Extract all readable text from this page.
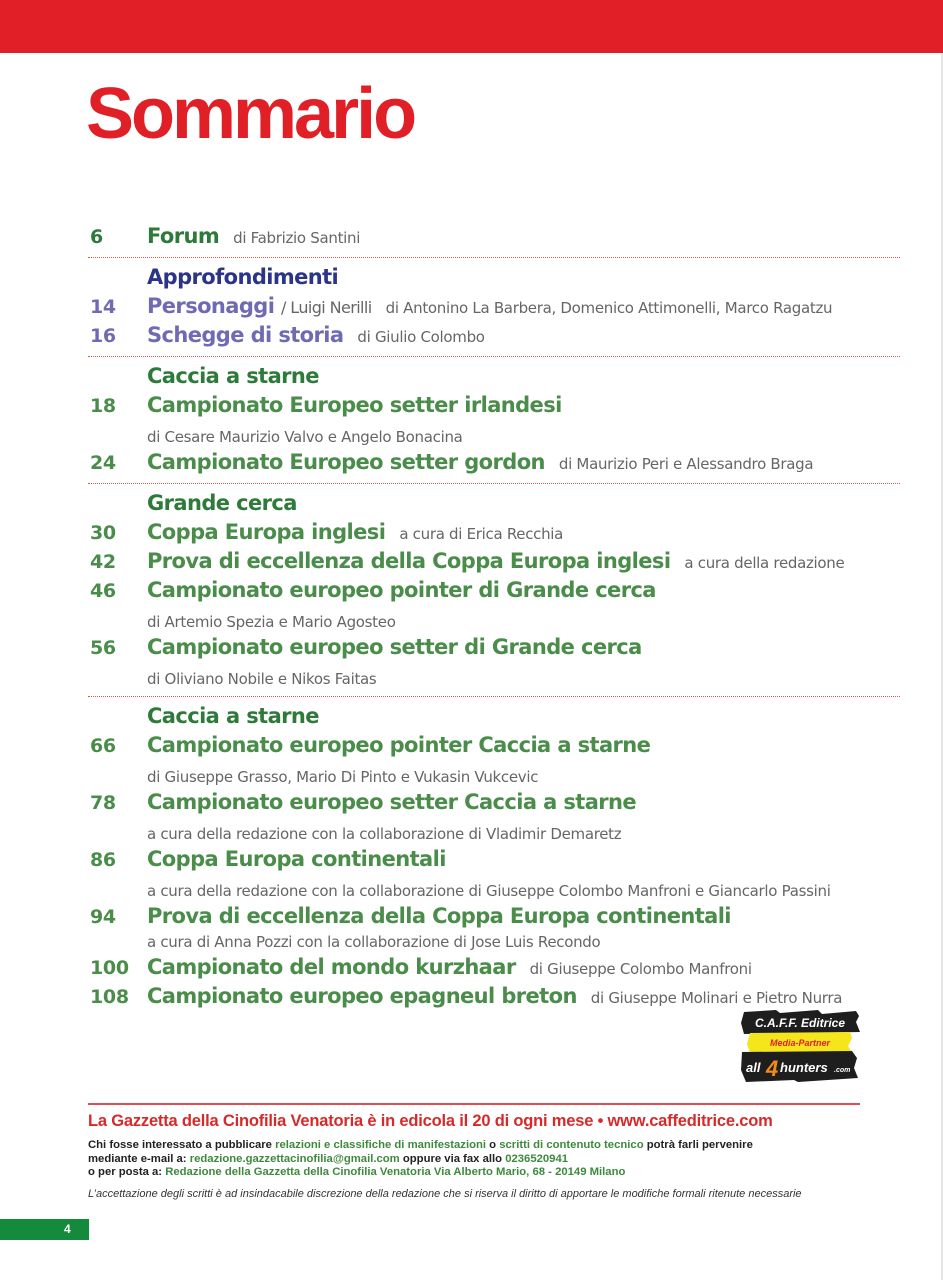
Sommario
6 Forum di Fabrizio Santini
Approfondimenti
14 Personaggi / Luigi Nerilli di Antonino La Barbera, Domenico Attimonelli, Marco Ragatzu
16 Schegge di storia di Giulio Colombo
Caccia a starne
18 Campionato Europeo setter irlandesi
di Cesare Maurizio Valvo e Angelo Bonacina
24 Campionato Europeo setter gordon di Maurizio Peri e Alessandro Braga
Grande cerca
30 Coppa Europa inglesi a cura di Erica Recchia
42 Prova di eccellenza della Coppa Europa inglesi a cura della redazione
46 Campionato europeo pointer di Grande cerca
di Artemio Spezia e Mario Agosteo
56 Campionato europeo setter di Grande cerca
di Oliviano Nobile e Nikos Faitas
Caccia a starne
66 Campionato europeo pointer Caccia a starne
di Giuseppe Grasso, Mario Di Pinto e Vukasin Vukcevic
78 Campionato europeo setter Caccia a starne
a cura della redazione con la collaborazione di Vladimir Demaretz
86 Coppa Europa continentali
a cura della redazione con la collaborazione di Giuseppe Colombo Manfroni e Giancarlo Passini
94 Prova di eccellenza della Coppa Europa continentali
a cura di Anna Pozzi con la collaborazione di Jose Luis Recondo
100 Campionato del mondo kurzhaar di Giuseppe Colombo Manfroni
108 Campionato europeo epagneul breton di Giuseppe Molinari e Pietro Nurra
C.A.F.F. Editrice
Media-Partner
all 4 hunters .com
La Gazzetta della Cinofilia Venatoria è in edicola il 20 di ogni mese • www.caffeditrice.com
Chi fosse interessato a pubblicare relazioni e classifiche di manifestazioni o scritti di contenuto tecnico potrà farli pervenire
mediante e-mail a: redazione.gazzettacinofilia@gmail.com oppure via fax allo 0236520941
o per posta a: Redazione della Gazzetta della Cinofilia Venatoria Via Alberto Mario, 68 - 20149 Milano
L’accettazione degli scritti è ad insindacabile discrezione della redazione che si riserva il diritto di apportare le modifiche formali ritenute necessarie
4
